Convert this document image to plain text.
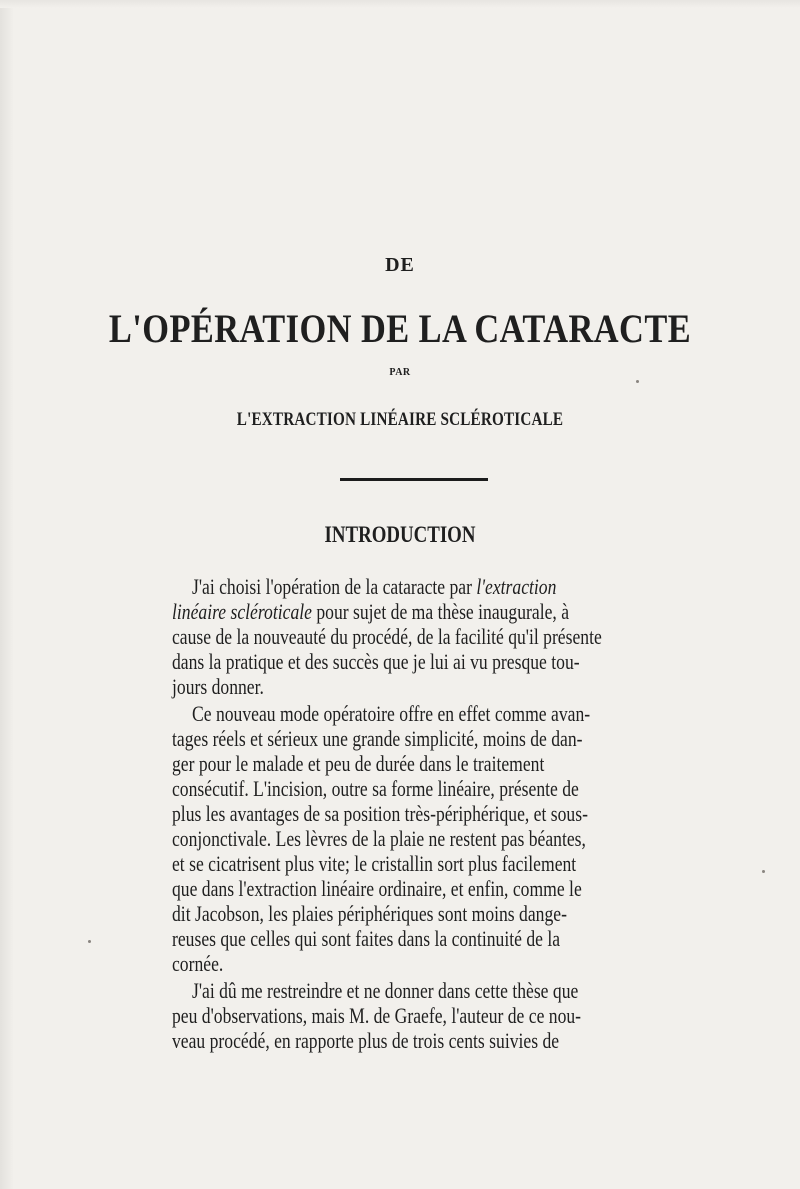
DE
L'OPÉRATION DE LA CATARACTE
PAR
L'EXTRACTION LINÉAIRE SCLÉROTICALE
INTRODUCTION
J'ai choisi l'opération de la cataracte par l'extraction
linéaire scléroticale pour sujet de ma thèse inaugurale, à
cause de la nouveauté du procédé, de la facilité qu'il présente
dans la pratique et des succès que je lui ai vu presque tou-
jours donner.
Ce nouveau mode opératoire offre en effet comme avan-
tages réels et sérieux une grande simplicité, moins de dan-
ger pour le malade et peu de durée dans le traitement
consécutif. L'incision, outre sa forme linéaire, présente de
plus les avantages de sa position très-périphérique, et sous-
conjonctivale. Les lèvres de la plaie ne restent pas béantes,
et se cicatrisent plus vite; le cristallin sort plus facilement
que dans l'extraction linéaire ordinaire, et enfin, comme le
dit Jacobson, les plaies périphériques sont moins dange-
reuses que celles qui sont faites dans la continuité de la
cornée.
J'ai dû me restreindre et ne donner dans cette thèse que
peu d'observations, mais M. de Graefe, l'auteur de ce nou-
veau procédé, en rapporte plus de trois cents suivies de
